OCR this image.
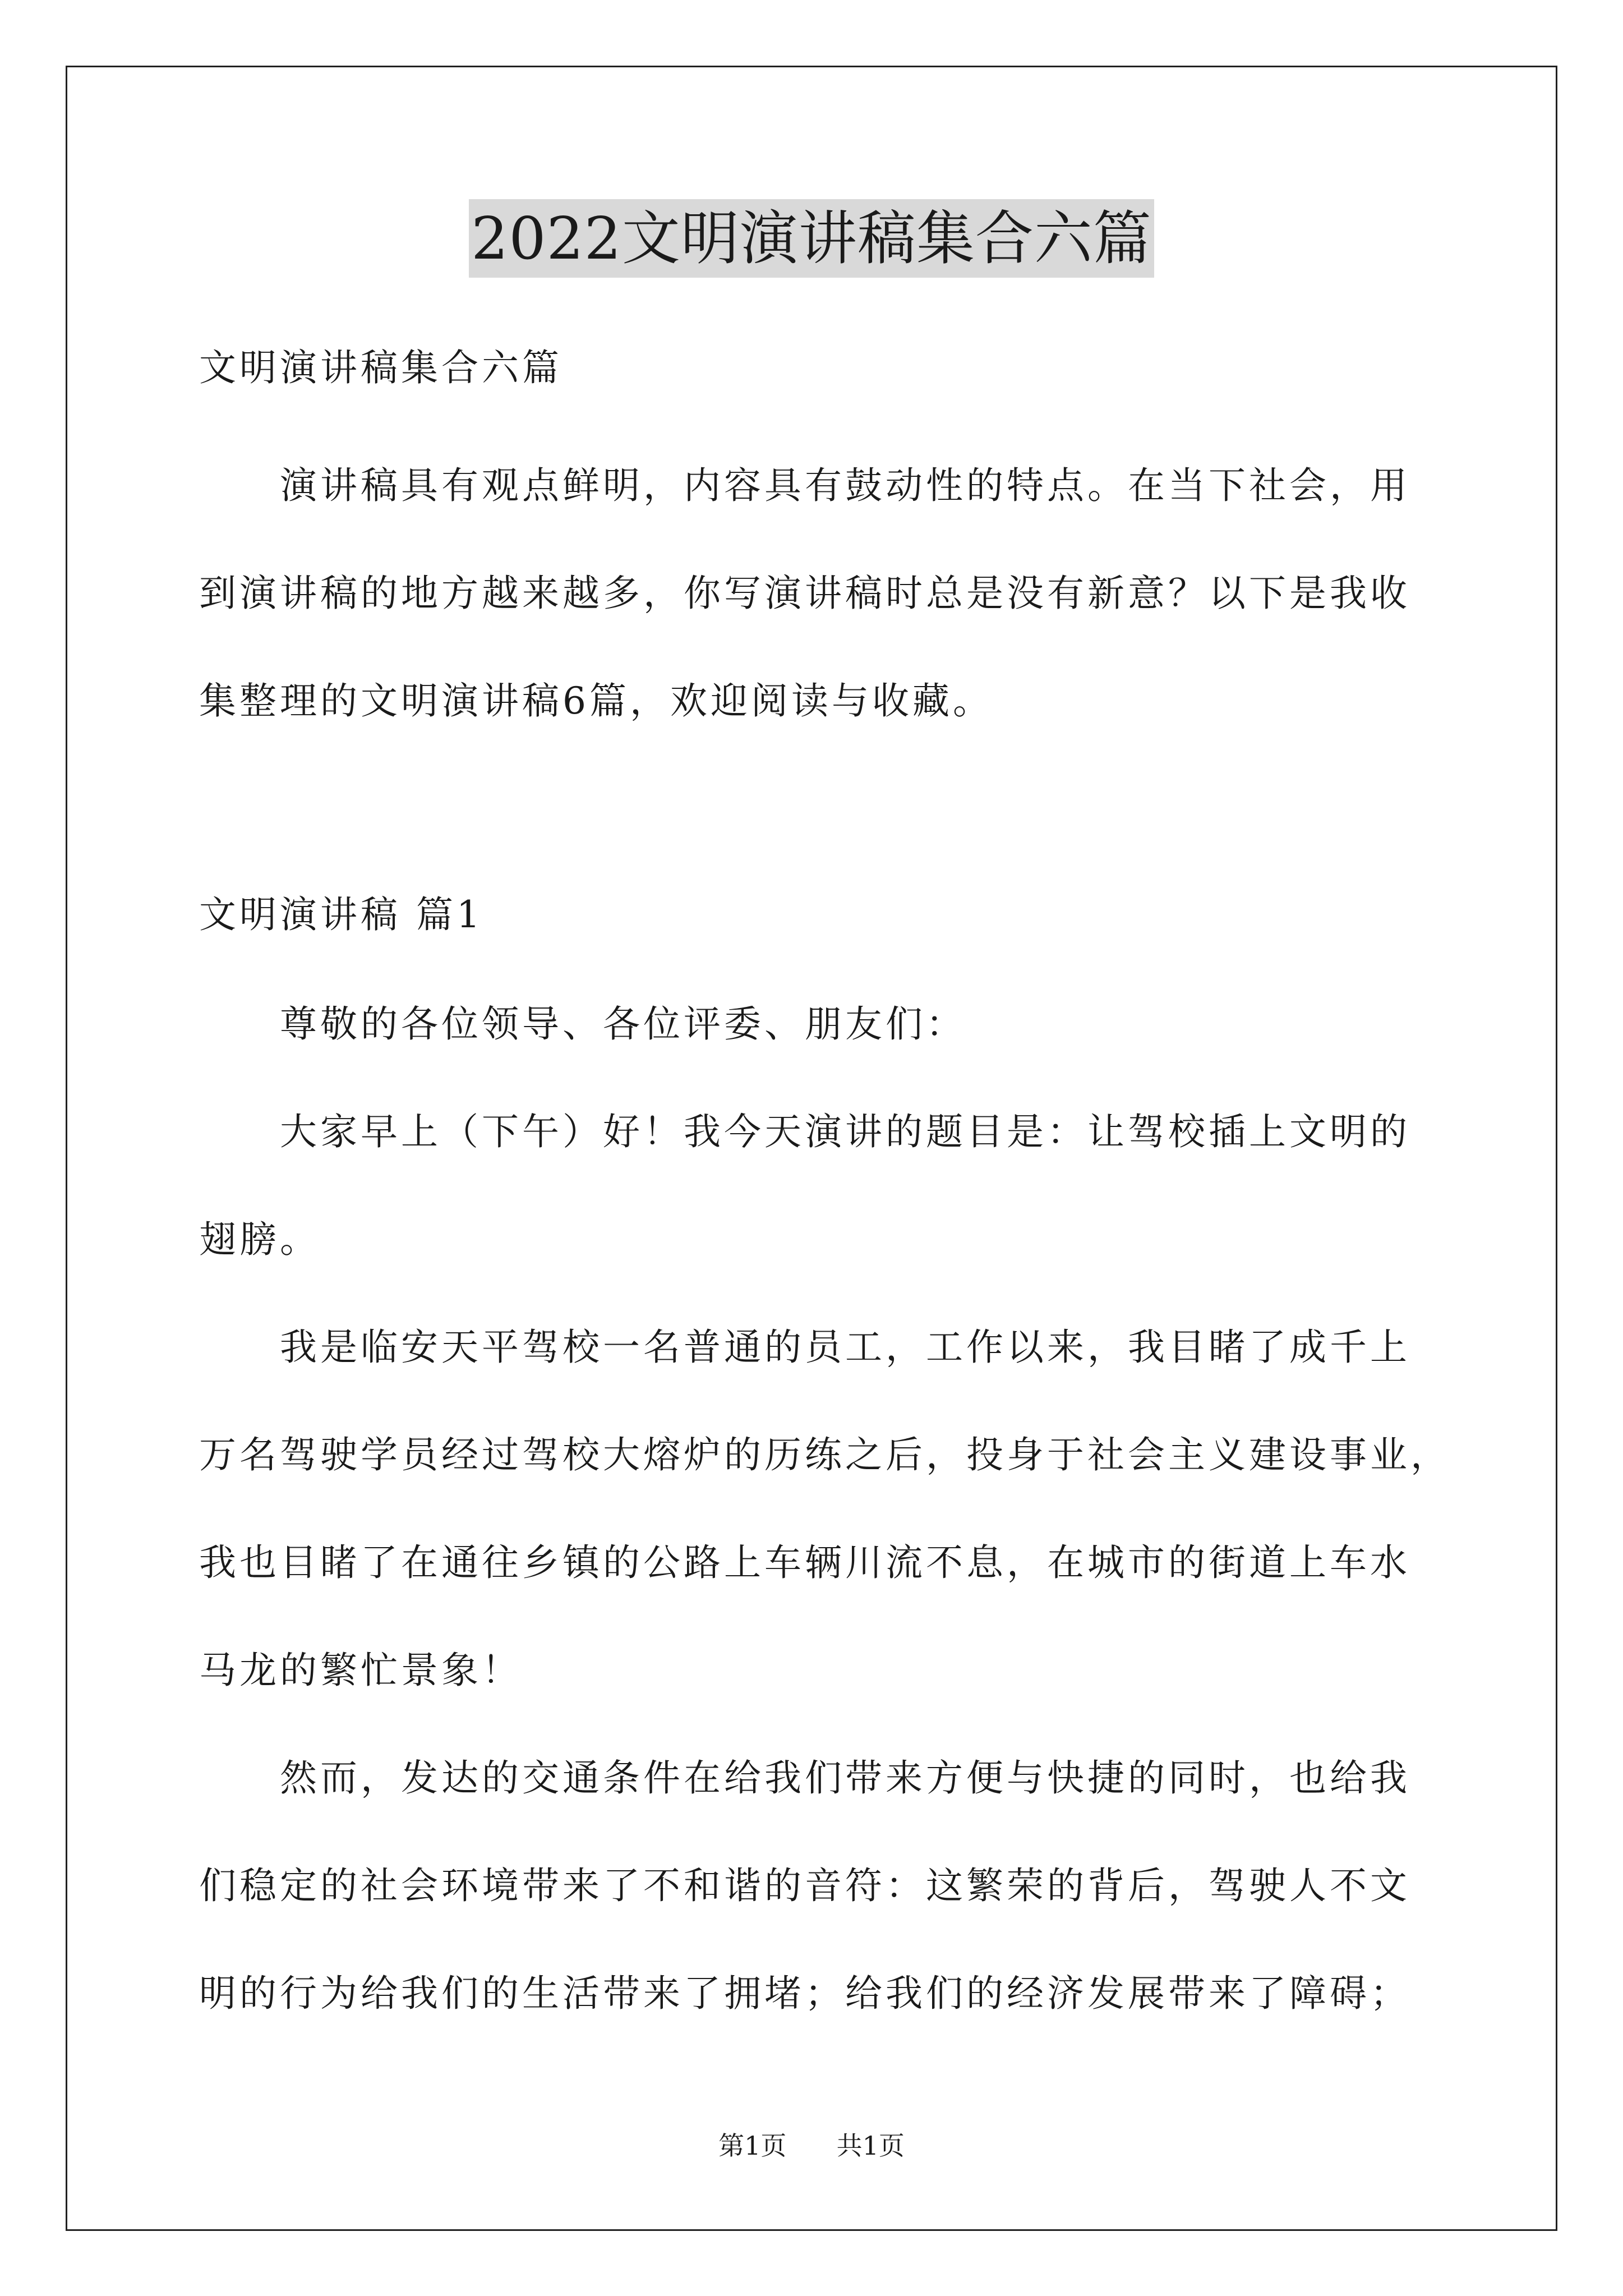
2022文明演讲稿集合六篇

文明演讲稿集合六篇

　　演讲稿具有观点鲜明，内容具有鼓动性的特点。在当下社会，用
到演讲稿的地方越来越多，你写演讲稿时总是没有新意？以下是我收
集整理的文明演讲稿6篇，欢迎阅读与收藏。

文明演讲稿 篇1

　　尊敬的各位领导、各位评委、朋友们：
　　大家早上（下午）好！我今天演讲的题目是：让驾校插上文明的
翅膀。
　　我是临安天平驾校一名普通的员工，工作以来，我目睹了成千上
万名驾驶学员经过驾校大熔炉的历练之后，投身于社会主义建设事业，
我也目睹了在通往乡镇的公路上车辆川流不息，在城市的街道上车水
马龙的繁忙景象！
　　然而，发达的交通条件在给我们带来方便与快捷的同时，也给我
们稳定的社会环境带来了不和谐的音符：这繁荣的背后，驾驶人不文
明的行为给我们的生活带来了拥堵；给我们的经济发展带来了障碍；
第1页 共1页
